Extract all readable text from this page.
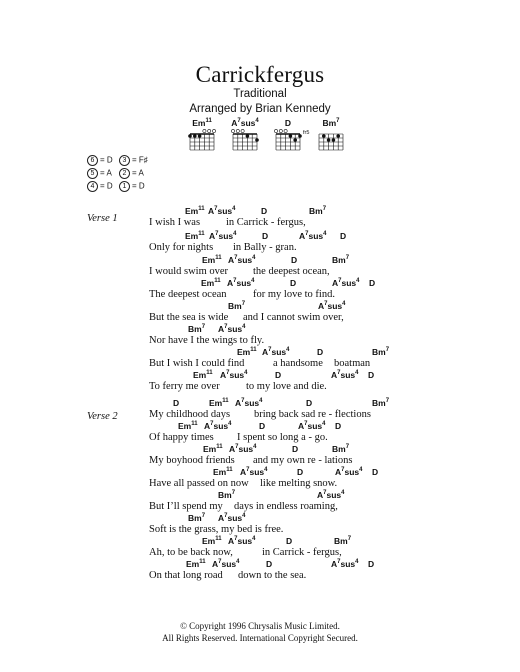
Carrickfergus
Traditional
Arranged by Brian Kennedy
Em$^{11}$	$A^7sus^4$	D	Bm$^7$
fr5
6 = D	3 = F♯
5 = A	2 = A
4 = D	1 = D
Verse 1
Em$^{11}$ $A^7sus^4$	D	Bm$^7$
I wish I was in Carrick - fergus,
Em$^{11}$ $A^7sus^4$	D	$A^7sus^4$ D
Only for nights in Bally - gran.
Em$^{11}$ $A^7sus^4$	D	Bm$^7$
I would swim over the deepest ocean,
Em$^{11}$ $A^7sus^4$	D	$A^7sus^4$ D
The deepest ocean	for my love to find.
Bm$^7$	$A^7sus^4$
But the sea is wide and I cannot swim over,
Bm$^7$ $A^7sus^4$
Nor have I the wings to fly.
Em$^{11}$ $A^7sus^4$	D	Bm$^7$
But I wish I could find	a handsome boatman
Em$^{11}$ $A^7sus^4$	D	$A^7sus^4$ D
To ferry me over	to my love and die.
Verse 2
D	Em$^{11}$ $A^7sus^4$	D	Bm$^7$
My childhood days bring back sad re - flections
Em$^{11}$ $A^7sus^4$	D	$A^7sus^4$ D
Of happy times I spent so long a - go.
Em$^{11}$ $A^7sus^4$	D	Bm$^7$
My boyhood friends and my own re - lations
Em$^{11}$ $A^7sus^4$	D	$A^7sus^4$ D
Have all passed on now like melting snow.
Bm$^7$	$A^7sus^4$
But I’ll spend my days in endless roaming,
Bm$^7$ $A^7sus^4$
Soft is the grass, my bed is free.
Em$^{11}$ $A^7sus^4$	D	Bm$^7$
Ah, to be back now,	in Carrick - fergus,
Em$^{11}$ $A^7sus^4$	D	$A^7sus^4$ D
On that long road down to the sea.
© Copyright 1996 Chrysalis Music Limited.
All Rights Reserved. International Copyright Secured.
